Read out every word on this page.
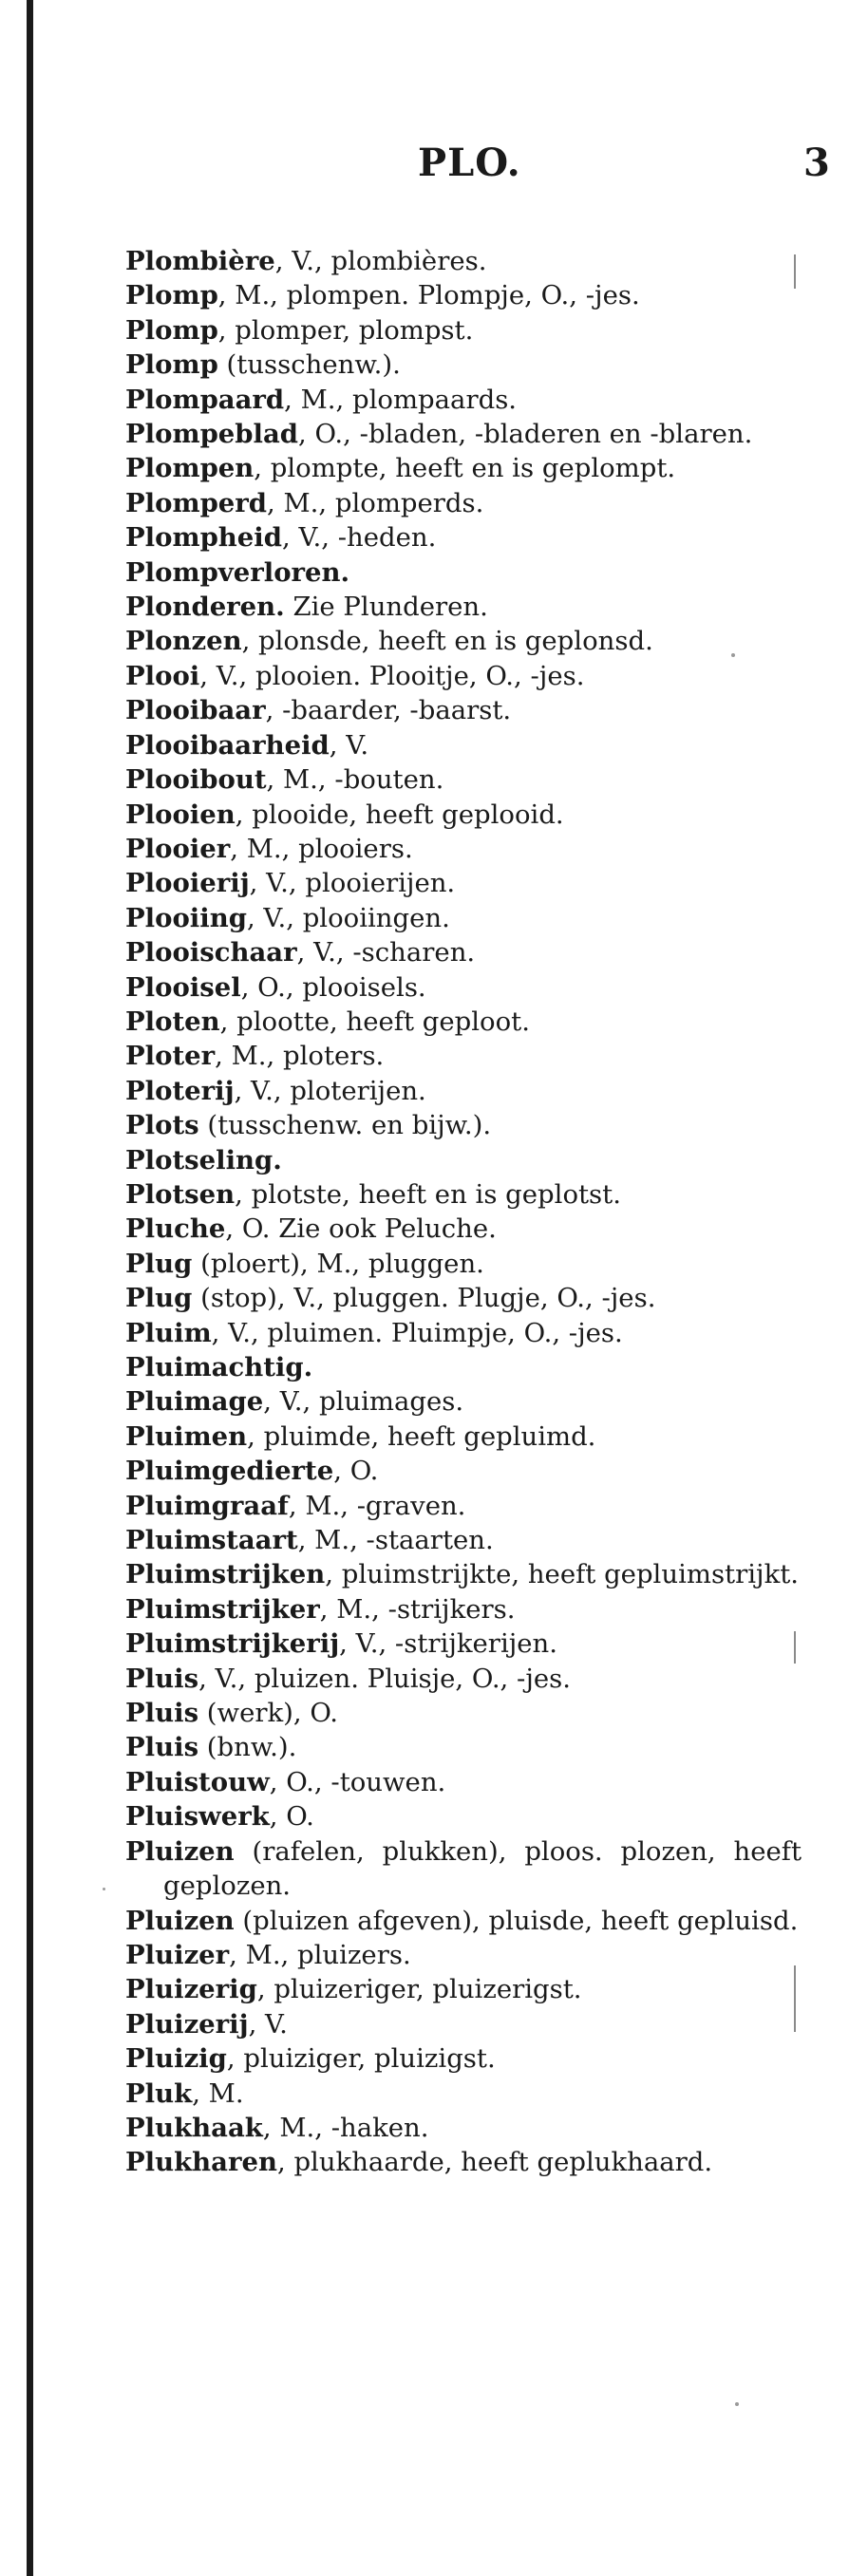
PLO.	3
Plombière, V., plombières.
Plomp, M., plompen. Plompje, O., -jes.
Plomp, plomper, plompst.
Plomp (tusschenw.).
Plompaard, M., plompaards.
Plompeblad, O., -bladen, -bladeren en -blaren.
Plompen, plompte, heeft en is geplompt.
Plomperd, M., plomperds.
Plompheid, V., -heden.
Plompverloren.
Plonderen. Zie Plunderen.
Plonzen, plonsde, heeft en is geplonsd.
Plooi, V., plooien. Plooitje, O., -jes.
Plooibaar, -baarder, -baarst.
Plooibaarheid, V.
Plooibout, M., -bouten.
Plooien, plooide, heeft geplooid.
Plooier, M., plooiers.
Plooierij, V., plooierijen.
Plooiing, V., plooiingen.
Plooischaar, V., -scharen.
Plooisel, O., plooisels.
Ploten, plootte, heeft geploot.
Ploter, M., ploters.
Ploterij, V., ploterijen.
Plots (tusschenw. en bijw.).
Plotseling.
Plotsen, plotste, heeft en is geplotst.
Pluche, O. Zie ook Peluche.
Plug (ploert), M., pluggen.
Plug (stop), V., pluggen. Plugje, O., -jes.
Pluim, V., pluimen. Pluimpje, O., -jes.
Pluimachtig.
Pluimage, V., pluimages.
Pluimen, pluimde, heeft gepluimd.
Pluimgedierte, O.
Pluimgraaf, M., -graven.
Pluimstaart, M., -staarten.
Pluimstrijken, pluimstrijkte, heeft gepluimstrijkt.
Pluimstrijker, M., -strijkers.
Pluimstrijkerij, V., -strijkerijen.
Pluis, V., pluizen. Pluisje, O., -jes.
Pluis (werk), O.
Pluis (bnw.).
Pluistouw, O., -touwen.
Pluiswerk, O.
Pluizen (rafelen, plukken), ploos. plozen, heeft geplozen.
Pluizen (pluizen afgeven), pluisde, heeft gepluisd.
Pluizer, M., pluizers.
Pluizerig, pluizeriger, pluizerigst.
Pluizerij, V.
Pluizig, pluiziger, pluizigst.
Pluk, M.
Plukhaak, M., -haken.
Plukharen, plukhaarde, heeft geplukhaard.
